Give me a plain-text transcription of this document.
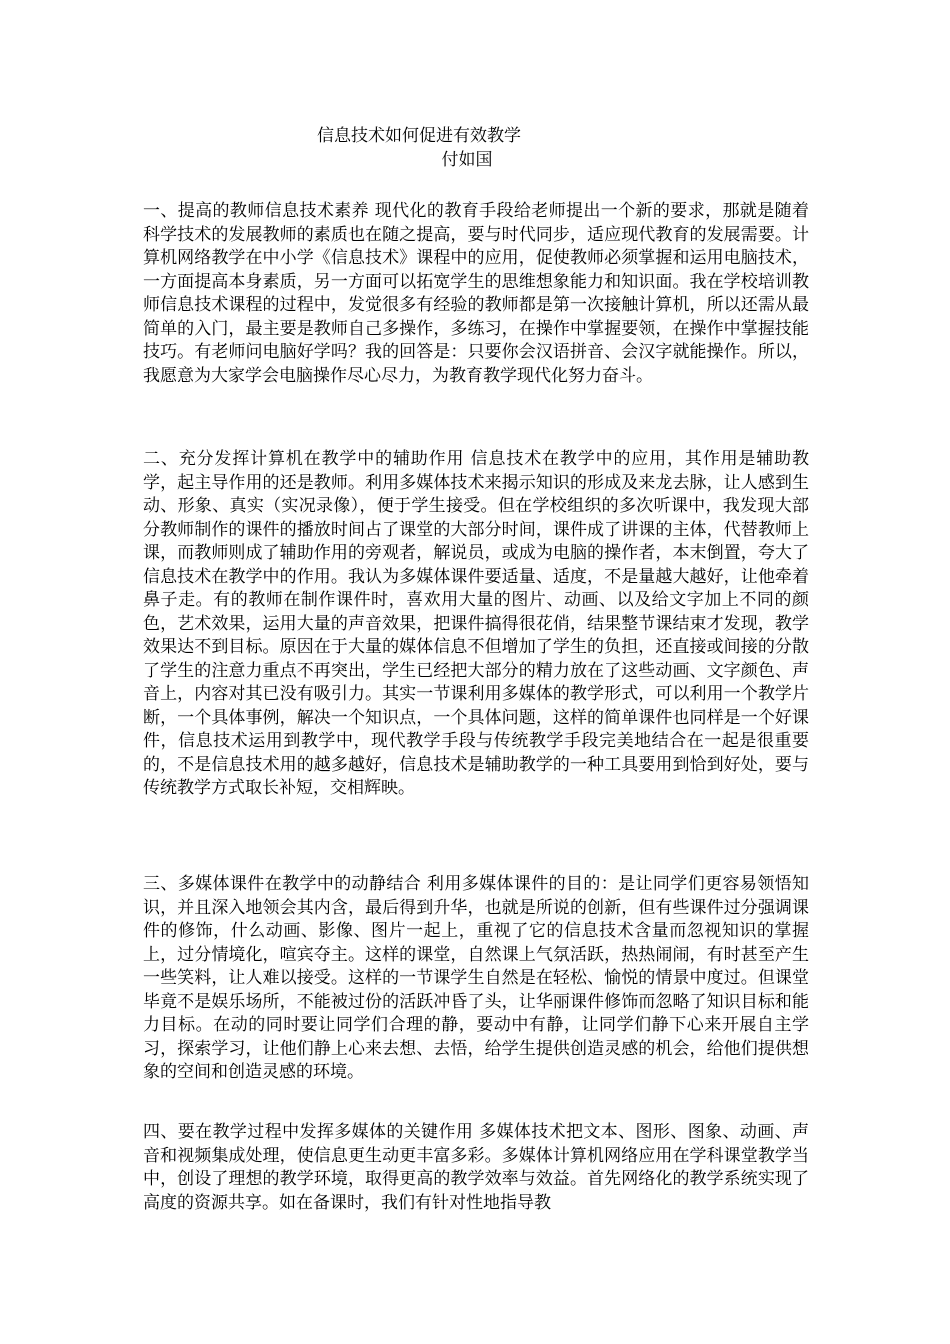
信息技术如何促进有效教学
付如国
一、提高的教师信息技术素养 现代化的教育手段给老师提出一个新的要求，那就是随着科学技术的发展教师的素质也在随之提高，要与时代同步，适应现代教育的发展需要。计算机网络教学在中小学《信息技术》课程中的应用，促使教师必须掌握和运用电脑技术，一方面提高本身素质，另一方面可以拓宽学生的思维想象能力和知识面。我在学校培训教师信息技术课程的过程中，发觉很多有经验的教师都是第一次接触计算机，所以还需从最简单的入门，最主要是教师自己多操作，多练习，在操作中掌握要领，在操作中掌握技能技巧。有老师问电脑好学吗？我的回答是：只要你会汉语拼音、会汉字就能操作。所以，我愿意为大家学会电脑操作尽心尽力，为教育教学现代化努力奋斗。
二、充分发挥计算机在教学中的辅助作用 信息技术在教学中的应用，其作用是辅助教学，起主导作用的还是教师。利用多媒体技术来揭示知识的形成及来龙去脉，让人感到生动、形象、真实（实况录像），便于学生接受。但在学校组织的多次听课中，我发现大部分教师制作的课件的播放时间占了课堂的大部分时间，课件成了讲课的主体，代替教师上课，而教师则成了辅助作用的旁观者，解说员，或成为电脑的操作者，本末倒置，夸大了信息技术在教学中的作用。我认为多媒体课件要适量、适度，不是量越大越好，让他牵着鼻子走。有的教师在制作课件时，喜欢用大量的图片、动画、以及给文字加上不同的颜色，艺术效果，运用大量的声音效果，把课件搞得很花俏，结果整节课结束才发现，教学效果达不到目标。原因在于大量的媒体信息不但增加了学生的负担，还直接或间接的分散了学生的注意力重点不再突出，学生已经把大部分的精力放在了这些动画、文字颜色、声音上，内容对其已没有吸引力。其实一节课利用多媒体的教学形式，可以利用一个教学片断，一个具体事例，解决一个知识点，一个具体问题，这样的简单课件也同样是一个好课件，信息技术运用到教学中，现代教学手段与传统教学手段完美地结合在一起是很重要的，不是信息技术用的越多越好，信息技术是辅助教学的一种工具要用到恰到好处，要与传统教学方式取长补短，交相辉映。
三、多媒体课件在教学中的动静结合 利用多媒体课件的目的：是让同学们更容易领悟知识，并且深入地领会其内含，最后得到升华，也就是所说的创新，但有些课件过分强调课件的修饰，什么动画、影像、图片一起上，重视了它的信息技术含量而忽视知识的掌握上，过分情境化，喧宾夺主。这样的课堂，自然课上气氛活跃，热热闹闹，有时甚至产生一些笑料，让人难以接受。这样的一节课学生自然是在轻松、愉悦的情景中度过。但课堂毕竟不是娱乐场所，不能被过份的活跃冲昏了头，让华丽课件修饰而忽略了知识目标和能力目标。在动的同时要让同学们合理的静，要动中有静，让同学们静下心来开展自主学习，探索学习，让他们静上心来去想、去悟，给学生提供创造灵感的机会，给他们提供想象的空间和创造灵感的环境。
四、要在教学过程中发挥多媒体的关键作用 多媒体技术把文本、图形、图象、动画、声音和视频集成处理，使信息更生动更丰富多彩。多媒体计算机网络应用在学科课堂教学当中，创设了理想的教学环境，取得更高的教学效率与效益。首先网络化的教学系统实现了高度的资源共享。如在备课时，我们有针对性地指导教
